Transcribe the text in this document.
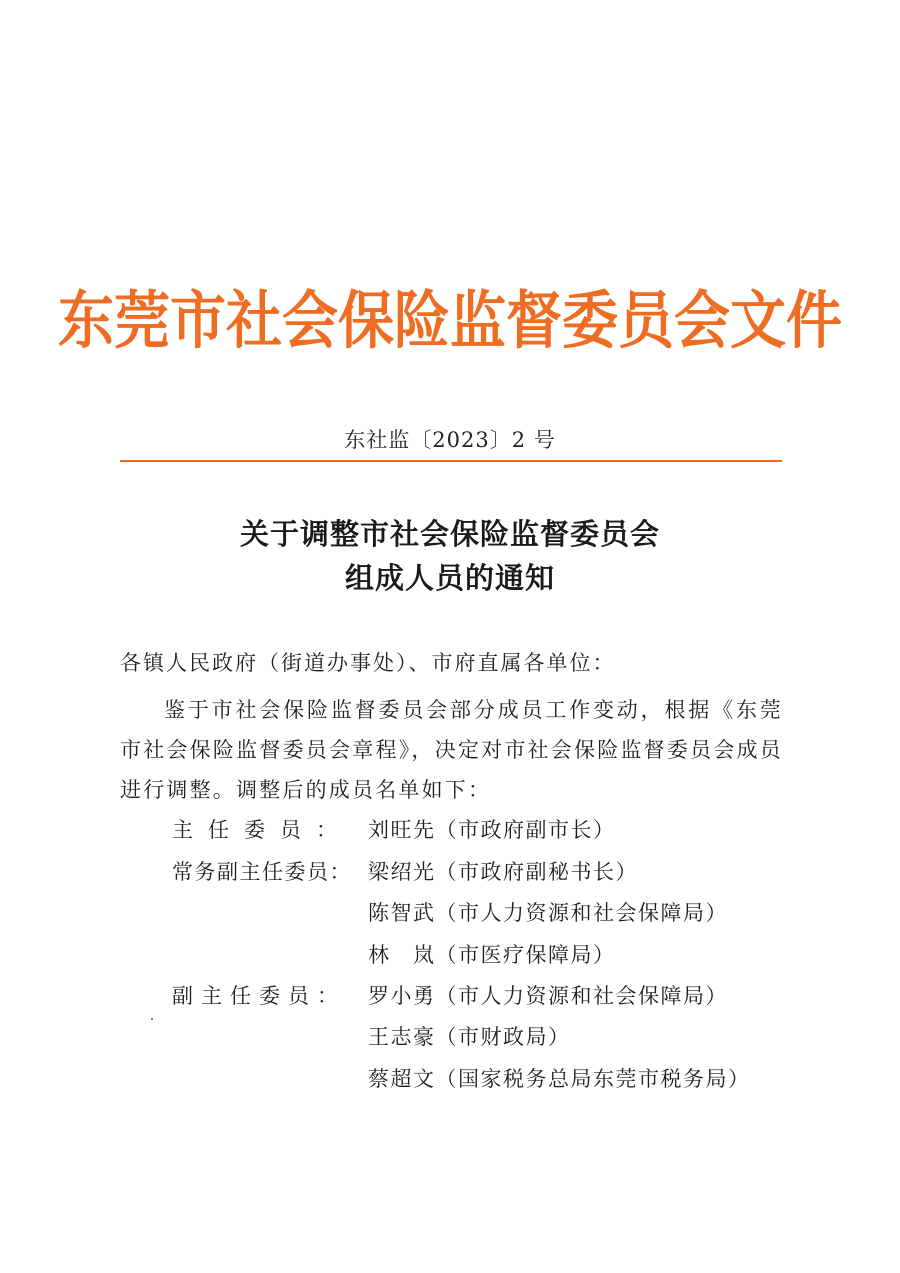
东莞市社会保险监督委员会文件
东社监〔2023〕2 号
关于调整市社会保险监督委员会
组成人员的通知
各镇人民政府（街道办事处）、市府直属各单位：
鉴于市社会保险监督委员会部分成员工作变动，根据《东莞市社会保险监督委员会章程》，决定对市社会保险监督委员会成员进行调整。调整后的成员名单如下：
主任委员：
常务副主任委员：
副主任委员：
刘旺先（市政府副市长）
梁绍光（市政府副秘书长）
陈智武（市人力资源和社会保障局）
林　岚（市医疗保障局）
罗小勇（市人力资源和社会保障局）
王志豪（市财政局）
蔡超文（国家税务总局东莞市税务局）
